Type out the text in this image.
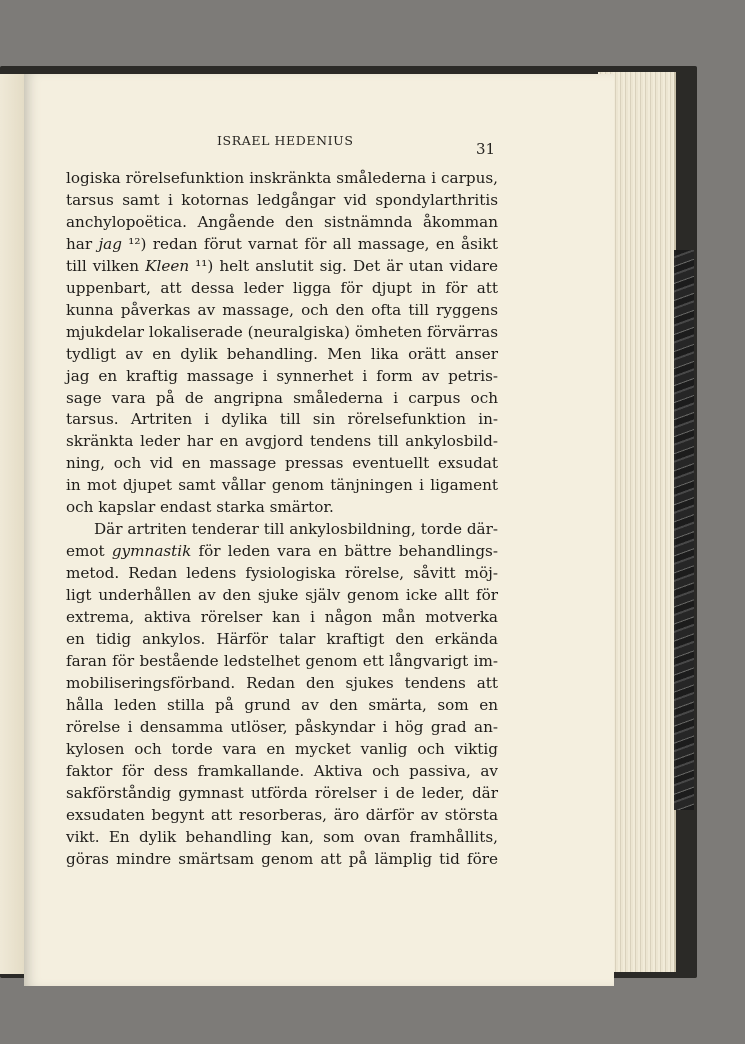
ISRAEL HEDENIUS	31
logiska rörelsefunktion inskränkta smålederna i carpus,
tarsus samt i kotornas ledgångar vid spondylarthritis
anchylopoëtica. Angående den sistnämnda åkomman
har jag ¹²) redan förut varnat för all massage, en åsikt
till vilken Kleen ¹¹) helt anslutit sig. Det är utan vidare
uppenbart, att dessa leder ligga för djupt in för att
kunna påverkas av massage, och den ofta till ryggens
mjukdelar lokaliserade (neuralgiska) ömheten förvärras
tydligt av en dylik behandling. Men lika orätt anser
jag en kraftig massage i synnerhet i form av petris-
sage vara på de angripna smålederna i carpus och
tarsus. Artriten i dylika till sin rörelsefunktion in-
skränkta leder har en avgjord tendens till ankylosbild-
ning, och vid en massage pressas eventuellt exsudat
in mot djupet samt vållar genom tänjningen i ligament
och kapslar endast starka smärtor.
Där artriten tenderar till ankylosbildning, torde där-
emot gymnastik för leden vara en bättre behandlings-
metod. Redan ledens fysiologiska rörelse, såvitt möj-
ligt underhållen av den sjuke själv genom icke allt för
extrema, aktiva rörelser kan i någon mån motverka
en tidig ankylos. Härför talar kraftigt den erkända
faran för bestående ledstelhet genom ett långvarigt im-
mobiliseringsförband. Redan den sjukes tendens att
hålla leden stilla på grund av den smärta, som en
rörelse i densamma utlöser, påskyndar i hög grad an-
kylosen och torde vara en mycket vanlig och viktig
faktor för dess framkallande. Aktiva och passiva, av
sakförståndig gymnast utförda rörelser i de leder, där
exsudaten begynt att resorberas, äro därför av största
vikt. En dylik behandling kan, som ovan framhållits,
göras mindre smärtsam genom att på lämplig tid före
